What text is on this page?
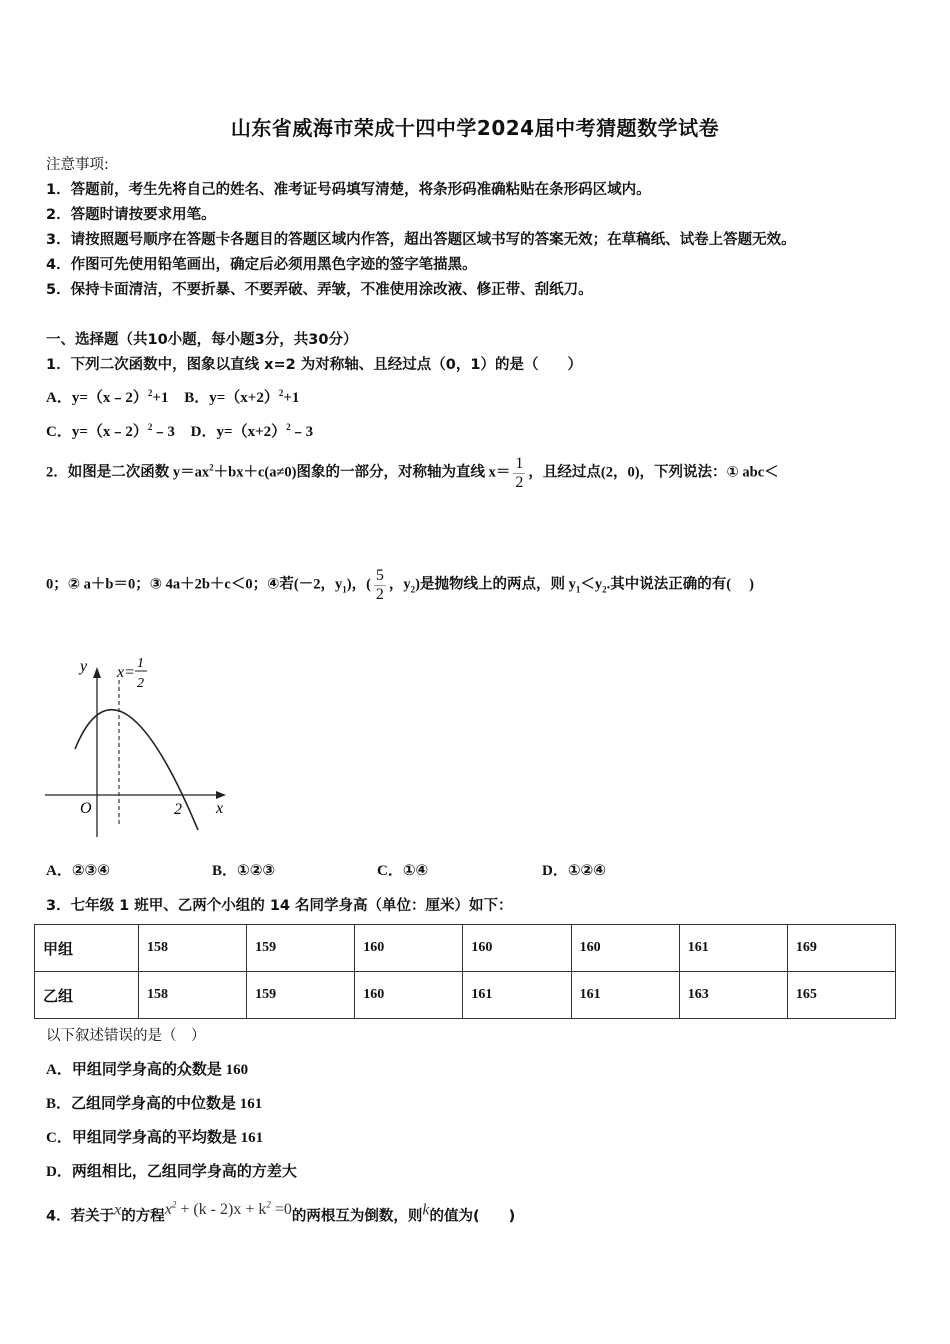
山东省威海市荣成十四中学2024届中考猜题数学试卷
注意事项:
1．答题前，考生先将自己的姓名、准考证号码填写清楚，将条形码准确粘贴在条形码区域内。
2．答题时请按要求用笔。
3．请按照题号顺序在答题卡各题目的答题区域内作答，超出答题区域书写的答案无效；在草稿纸、试卷上答题无效。
4．作图可先使用铅笔画出，确定后必须用黑色字迹的签字笔描黑。
5．保持卡面清洁，不要折暴、不要弄破、弄皱，不准使用涂改液、修正带、刮纸刀。
一、选择题（共10小题，每小题3分，共30分）
1．下列二次函数中，图象以直线 x=2 为对称轴、且经过点（0，1）的是（　　）
A．y=（x﹣2）$^2$+1 B．$y=(x+2)^2+1$
C．y=（x﹣2）$^2$﹣3 D．$y=(x+2)^2﹣3$
2．如图是二次函数 $y=ax^2+bx+c(a\ne 0)$图象的一部分，对称轴为直线 $x= \frac{1}{2}$ ，且经过点(2，0)，下列说法：① abc＜
0；② a＋b＝0；③ 4a＋2b＋c＜0；④若(－2，$y_1$)，( $\frac{5}{2}$ ，$y_2$)是抛物线上的两点，则 $y_1<y_2$.其中说法正确的有(　 )
y
x
O	2
x=
1
2
A．②③④	B．①②③	C．①④	D．①②④
3．七年级 1 班甲、乙两个小组的 14 名同学身高（单位：厘米）如下：
甲组	158	159	160	160	160	161	169
乙组	158	159	160	161	161	163	165
以下叙述错误的是（　）
A．甲组同学身高的众数是 160
B．乙组同学身高的中位数是 161
C．甲组同学身高的平均数是 161
D．两组相比，乙组同学身高的方差大
4．若关于x的方程$x^2 + (k - 2)x + k^2 =0$的两根互为倒数，则k的值为(　　)
